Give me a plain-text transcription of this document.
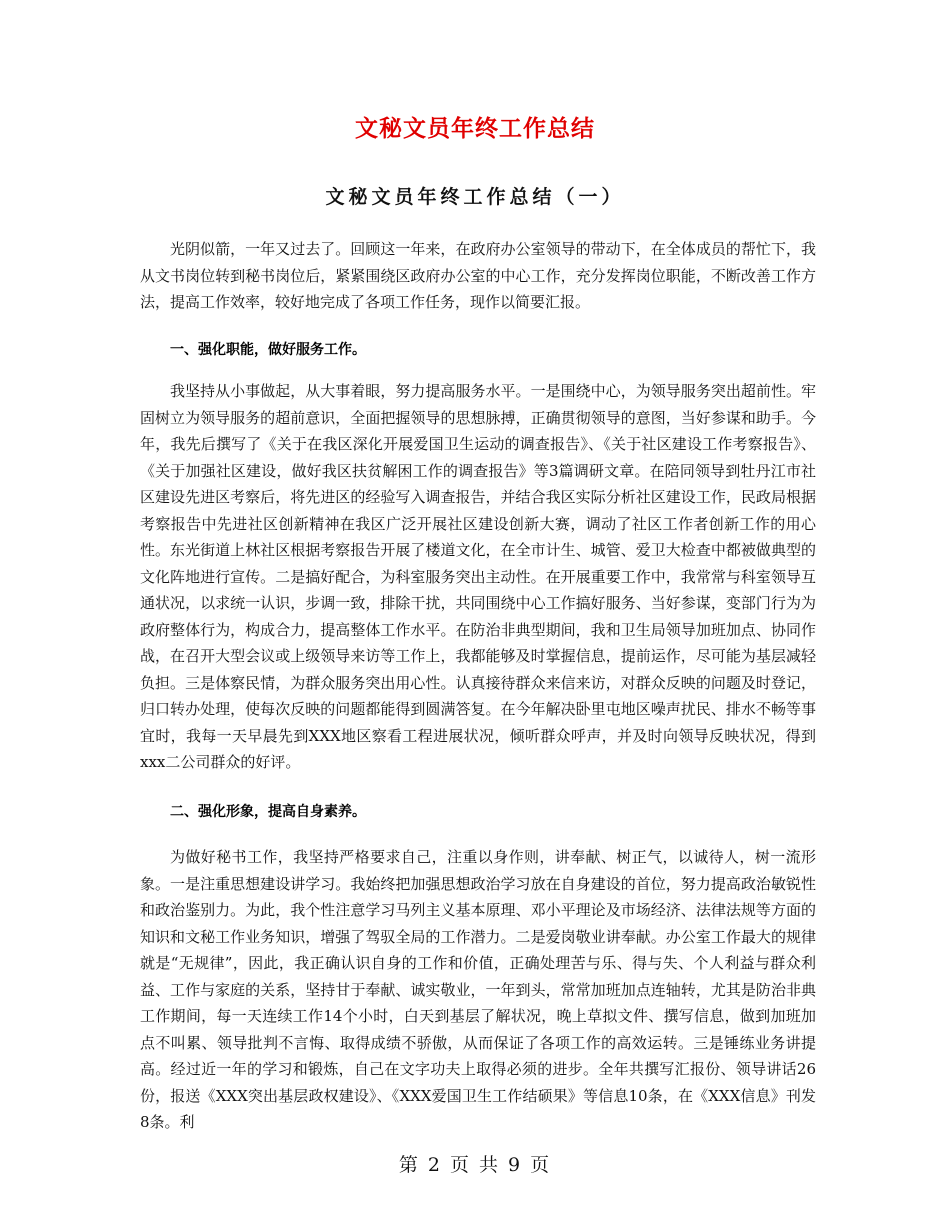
文秘文员年终工作总结
文秘文员年终工作总结（一）

光阴似箭，一年又过去了。回顾这一年来，在政府办公室领导的带动下，在全体成员的帮忙下，我从文书岗位转到秘书岗位后，紧紧围绕区政府办公室的中心工作，充分发挥岗位职能，不断改善工作方法，提高工作效率，较好地完成了各项工作任务，现作以简要汇报。

一、强化职能，做好服务工作。

我坚持从小事做起，从大事着眼，努力提高服务水平。一是围绕中心，为领导服务突出超前性。牢固树立为领导服务的超前意识，全面把握领导的思想脉搏，正确贯彻领导的意图，当好参谋和助手。今年，我先后撰写了《关于在我区深化开展爱国卫生运动的调查报告》、《关于社区建设工作考察报告》、《关于加强社区建设，做好我区扶贫解困工作的调查报告》等3篇调研文章。在陪同领导到牡丹江市社区建设先进区考察后，将先进区的经验写入调查报告，并结合我区实际分析社区建设工作，民政局根据考察报告中先进社区创新精神在我区广泛开展社区建设创新大赛，调动了社区工作者创新工作的用心性。东光街道上林社区根据考察报告开展了楼道文化，在全市计生、城管、爱卫大检查中都被做典型的文化阵地进行宣传。二是搞好配合，为科室服务突出主动性。在开展重要工作中，我常常与科室领导互通状况，以求统一认识，步调一致，排除干扰，共同围绕中心工作搞好服务、当好参谋，变部门行为为政府整体行为，构成合力，提高整体工作水平。在防治非典型期间，我和卫生局领导加班加点、协同作战，在召开大型会议或上级领导来访等工作上，我都能够及时掌握信息，提前运作，尽可能为基层减轻负担。三是体察民情，为群众服务突出用心性。认真接待群众来信来访，对群众反映的问题及时登记，归口转办处理，使每次反映的问题都能得到圆满答复。在今年解决卧里屯地区噪声扰民、排水不畅等事宜时，我每一天早晨先到XXX地区察看工程进展状况，倾听群众呼声，并及时向领导反映状况，得到xxx二公司群众的好评。

二、强化形象，提高自身素养。

为做好秘书工作，我坚持严格要求自己，注重以身作则，讲奉献、树正气，以诚待人，树一流形象。一是注重思想建设讲学习。我始终把加强思想政治学习放在自身建设的首位，努力提高政治敏锐性和政治鉴别力。为此，我个性注意学习马列主义基本原理、邓小平理论及市场经济、法律法规等方面的知识和文秘工作业务知识，增强了驾驭全局的工作潜力。二是爱岗敬业讲奉献。办公室工作最大的规律就是“无规律”，因此，我正确认识自身的工作和价值，正确处理苦与乐、得与失、个人利益与群众利益、工作与家庭的关系，坚持甘于奉献、诚实敬业，一年到头，常常加班加点连轴转，尤其是防治非典工作期间，每一天连续工作14个小时，白天到基层了解状况，晚上草拟文件、撰写信息，做到加班加点不叫累、领导批判不言悔、取得成绩不骄傲，从而保证了各项工作的高效运转。三是锤练业务讲提高。经过近一年的学习和锻炼，自己在文字功夫上取得必须的进步。全年共撰写汇报份、领导讲话26份，报送《XXX突出基层政权建设》、《XXX爱国卫生工作结硕果》等信息10条，在《XXX信息》刊发8条。利

第 2 页 共 9 页
